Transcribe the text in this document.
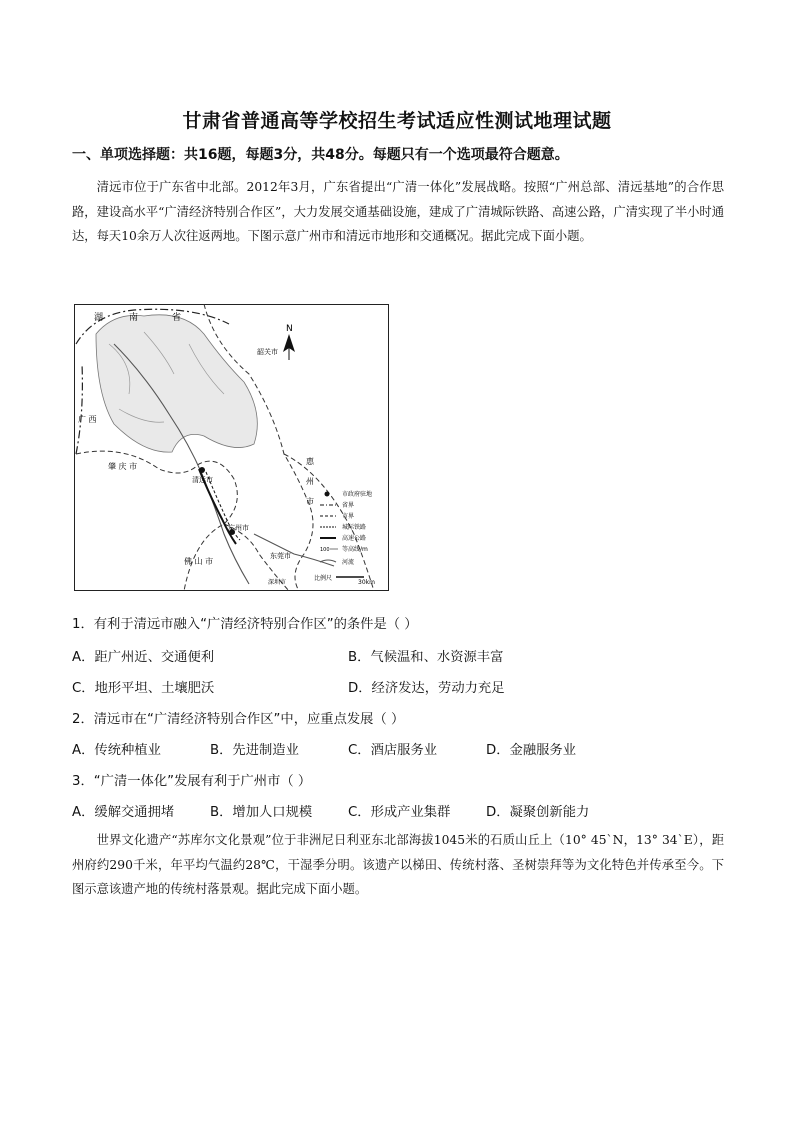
甘肃省普通高等学校招生考试适应性测试地理试题
一、单项选择题：共16题，每题3分，共48分。每题只有一个选项最符合题意。
清远市位于广东省中北部。2012年3月，广东省提出“广清一体化”发展战略。按照“广州总部、清远基地”的合作思路，建设高水平“广清经济特别合作区”，大力发展交通基础设施，建成了广清城际铁路、高速公路，广清实现了半小时通达，每天10余万人次往返两地。下图示意广州市和清远市地形和交通概况。据此完成下面小题。
湖	南	省
韶关市
肇 庆 市
清远市
广州市
佛 山 市
东莞市
深圳市
广 西
惠
州
市
N
市政府驻地
省界
市界
城际铁路
高速公路
100 等高线/m
河流
比例尺
30km
1．有利于清远市融入“广清经济特别合作区”的条件是（ ）
A．距广州近、交通便利	B．气候温和、水资源丰富
C．地形平坦、土壤肥沃	D．经济发达，劳动力充足
2．清远市在“广清经济特别合作区”中，应重点发展（ ）
A．传统种植业	B．先进制造业	C．酒店服务业	D．金融服务业
3．“广清一体化”发展有利于广州市（ ）
A．缓解交通拥堵	B．增加人口规模	C．形成产业集群	D．凝聚创新能力
世界文化遗产“苏库尔文化景观”位于非洲尼日利亚东北部海拔1045米的石质山丘上（10° 45`N，13° 34`E），距州府约290千米，年平均气温约28℃，干湿季分明。该遗产以梯田、传统村落、圣树崇拜等为文化特色并传承至今。下图示意该遗产地的传统村落景观。据此完成下面小题。
